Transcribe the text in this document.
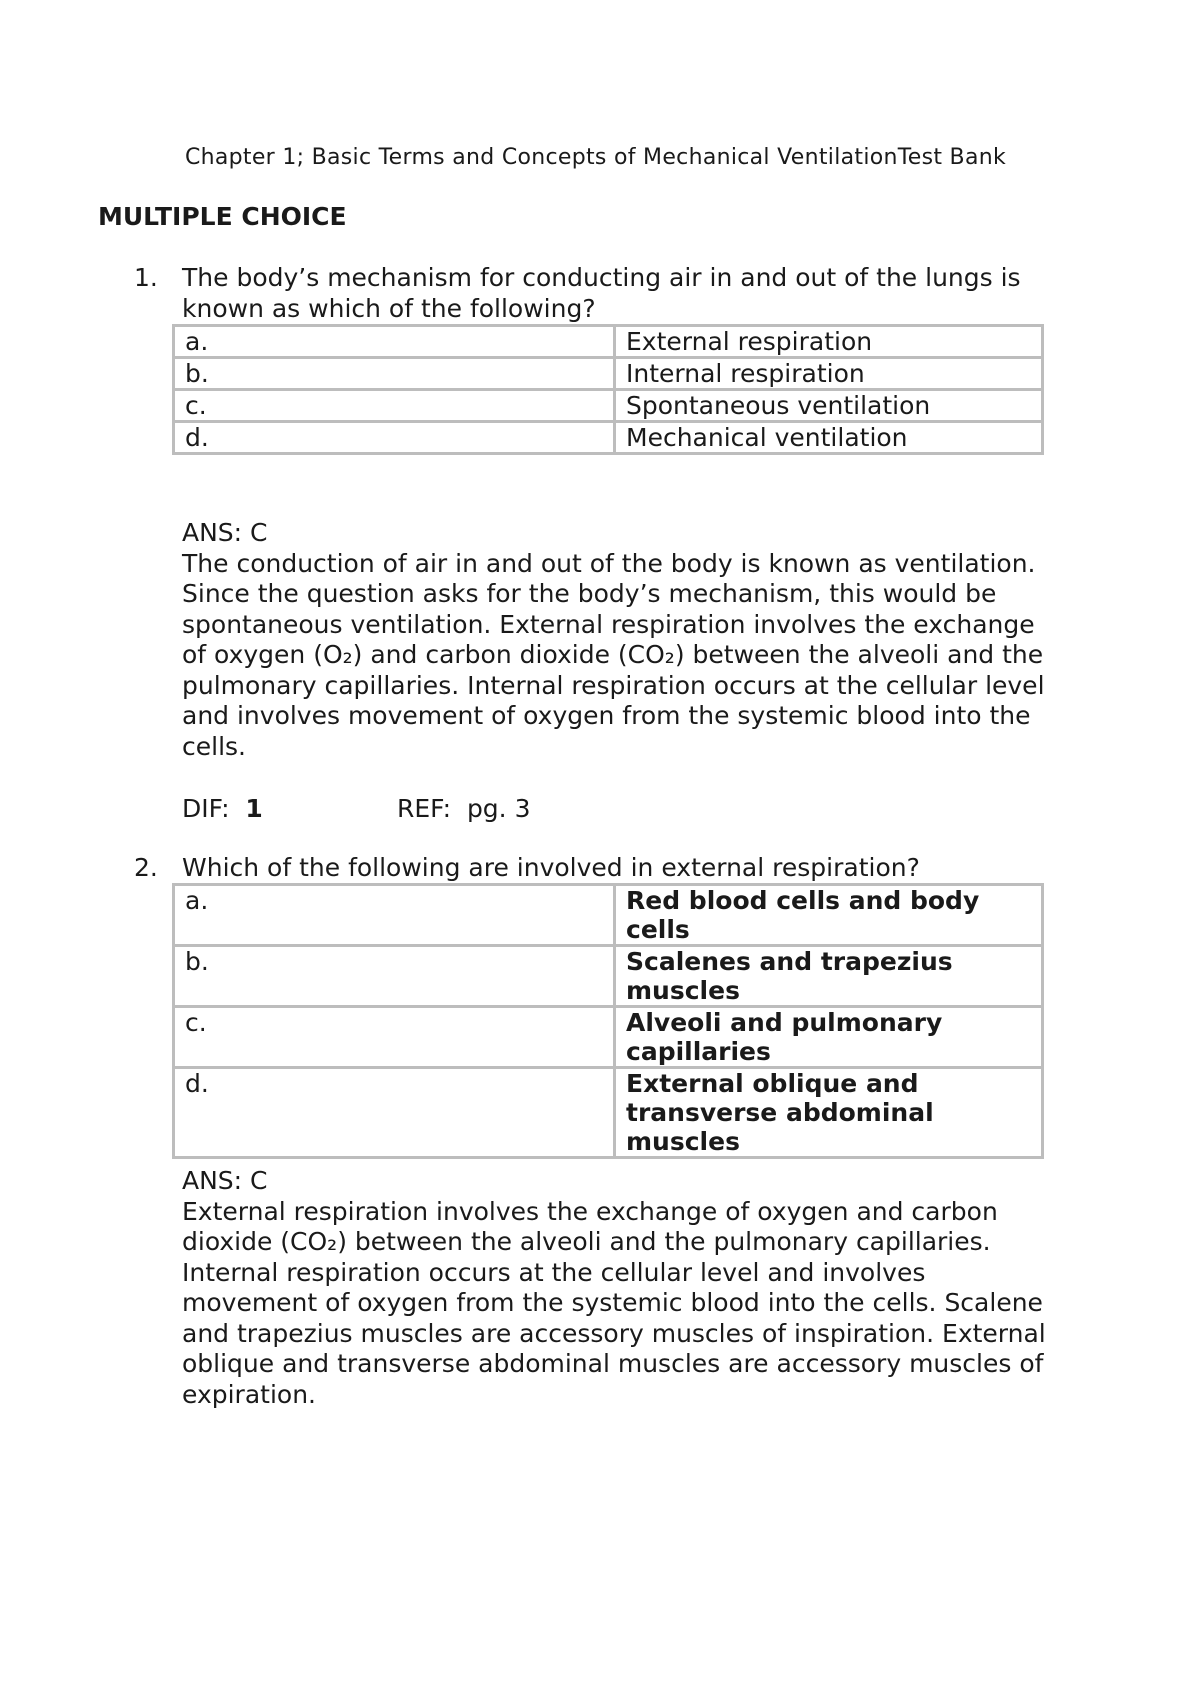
Chapter 1; Basic Terms and Concepts of Mechanical VentilationTest Bank
MULTIPLE CHOICE
1. The body’s mechanism for conducting air in and out of the lungs is known as which of the following?
a.	External respiration
b.	Internal respiration
c.	Spontaneous ventilation
d.	Mechanical ventilation
ANS: C
The conduction of air in and out of the body is known as ventilation. Since the question asks for the body’s mechanism, this would be spontaneous ventilation. External respiration involves the exchange of oxygen (O₂) and carbon dioxide (CO₂) between the alveoli and the pulmonary capillaries. Internal respiration occurs at the cellular level and involves movement of oxygen from the systemic blood into the cells.
DIF: 1	REF: pg. 3
2. Which of the following are involved in external respiration?
a.	Red blood cells and body cells
b.	Scalenes and trapezius muscles
c.	Alveoli and pulmonary capillaries
d.	External oblique and transverse abdominal muscles
ANS: C
External respiration involves the exchange of oxygen and carbon dioxide (CO₂) between the alveoli and the pulmonary capillaries. Internal respiration occurs at the cellular level and involves movement of oxygen from the systemic blood into the cells. Scalene and trapezius muscles are accessory muscles of inspiration. External oblique and transverse abdominal muscles are accessory muscles of expiration.
